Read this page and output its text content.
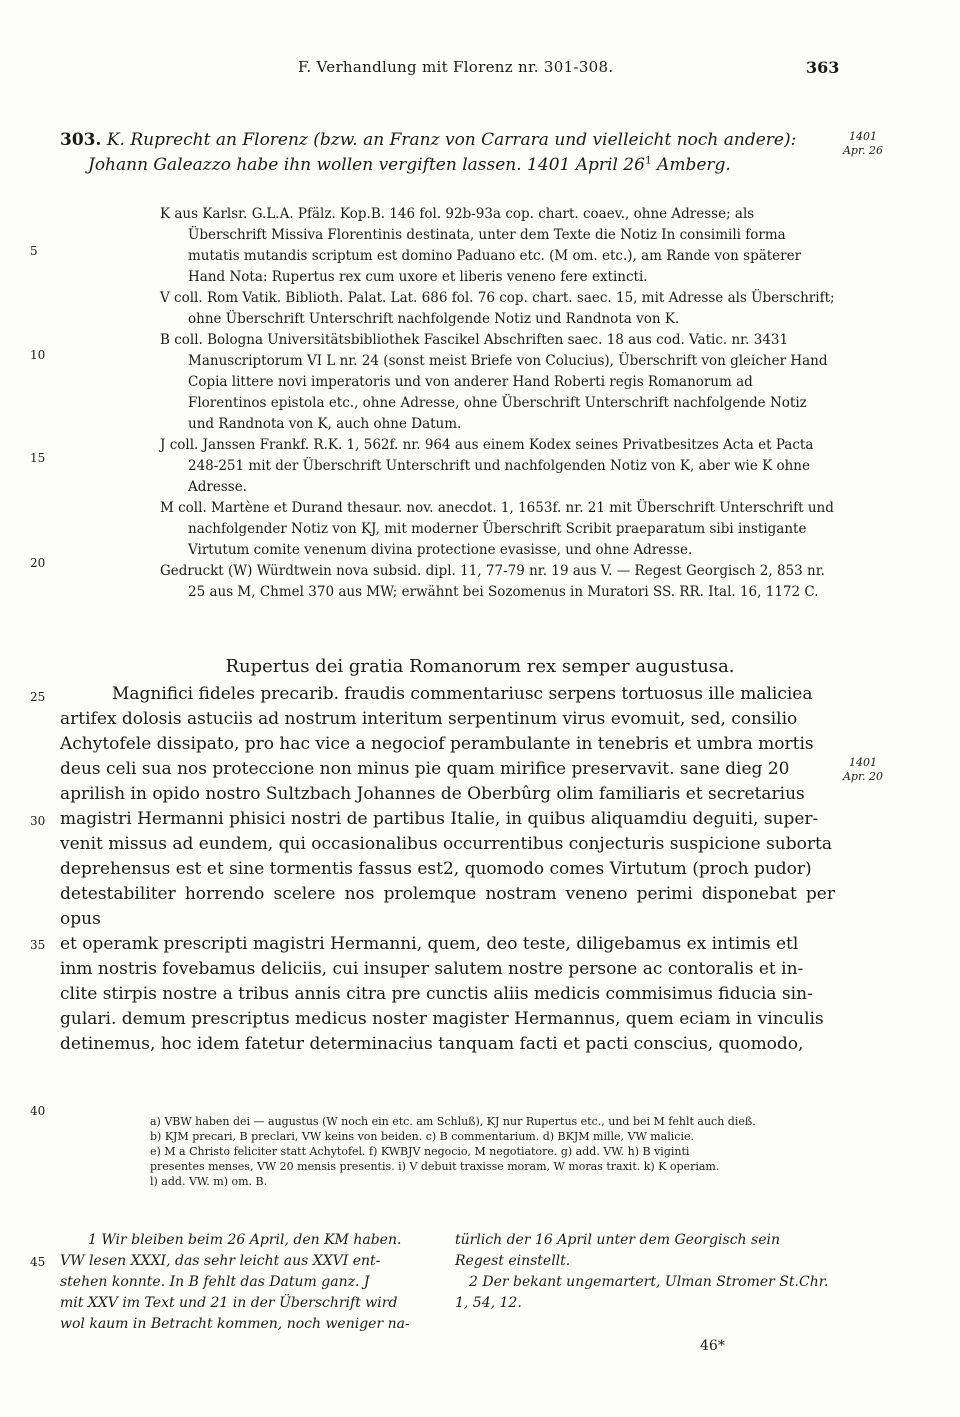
F. Verhandlung mit Florenz nr. 301-308.	363
1401
Apr. 26
303. K. Ruprecht an Florenz (bzw. an Franz von Carrara und vielleicht noch andere):
Johann Galeazzo habe ihn wollen vergiften lassen. 1401 April $26^1$ Amberg.

K aus Karlsr. G.L.A. Pfälz. Kop.B. 146 fol. 92b-93a cop. chart. coaev., ohne Adresse; als Überschrift Missiva Florentinis destinata, unter dem Texte die Notiz In consimili forma mutatis mutandis scriptum est domino Paduano etc. (M om. etc.), am Rande von späterer Hand Nota: Rupertus rex cum uxore et liberis veneno fere extincti.

V coll. Rom Vatik. Biblioth. Palat. Lat. 686 fol. 76 cop. chart. saec. 15, mit Adresse als Überschrift; ohne Überschrift Unterschrift nachfolgende Notiz und Randnota von K.

B coll. Bologna Universitätsbibliothek Fascikel Abschriften saec. 18 aus cod. Vatic. nr. 3431 Manuscriptorum VI L nr. 24 (sonst meist Briefe von Colucius), Überschrift von gleicher Hand Copia littere novi imperatoris und von anderer Hand Roberti regis Romanorum ad Florentinos epistola etc., ohne Adresse, ohne Überschrift Unterschrift nachfolgende Notiz und Randnota von K, auch ohne Datum.

J coll. Janssen Frankf. R.K. 1, 562f. nr. 964 aus einem Kodex seines Privatbesitzes Acta et Pacta 248-251 mit der Überschrift Unterschrift und nachfolgenden Notiz von K, aber wie K ohne Adresse.

M coll. Martène et Durand thesaur. nov. anecdot. 1, 1653f. nr. 21 mit Überschrift Unterschrift und nachfolgender Notiz von KJ, mit moderner Überschrift Scribit praeparatum sibi instigante Virtutum comite venenum divina protectione evasisse, und ohne Adresse.

Gedruckt (W) Würdtwein nova subsid. dipl. 11, 77-79 nr. 19 aus V. — Regest Georgisch 2, 853 nr. 25 aus M, Chmel 370 aus MW; erwähnt bei Sozomenus in Muratori SS. RR. Ital. 16, 1172 C.

5
10
15
20
25
30
35
40
45
Rupertus dei gratia Romanorum rex semper augustusa.
1401
Apr. 20

Magnifici fideles precarib. fraudis commentariusc serpens tortuosus ille maliciea

artifex dolosis astuciis ad nostrum interitum serpentinum virus evomuit, sed, consilio

Achytofele dissipato, pro hac vice a negociof perambulante in tenebris et umbra mortis

deus celi sua nos proteccione non minus pie quam mirifice preservavit. sane dieg 20

aprilish in opido nostro Sultzbach Johannes de Oberbûrg olim familiaris et secretarius

magistri Hermanni phisici nostri de partibus Italie, in quibus aliquamdiu deguiti, super-

venit missus ad eundem, qui occasionalibus occurrentibus conjecturis suspicione suborta

deprehensus est et sine tormentis fassus est2, quomodo comes Virtutum (proch pudor)

detestabiliter horrendo scelere nos prolemque nostram veneno perimi disponebat per opus

et operamk prescripti magistri Hermanni, quem, deo teste, diligebamus ex intimis etl

inm nostris fovebamus deliciis, cui insuper salutem nostre persone ac contoralis et in-

clite stirpis nostre a tribus annis citra pre cunctis aliis medicis commisimus fiducia sin-

gulari. demum prescriptus medicus noster magister Hermannus, quem eciam in vinculis

detinemus, hoc idem fatetur determinacius tanquam facti et pacti conscius, quomodo,

a) VBW haben dei — augustus (W noch ein etc. am Schluß), KJ nur Rupertus etc., und bei M fehlt auch dieß.
b) KJM precari, B preclari, VW keins von beiden. c) B commentarium. d) BKJM mille, VW malicie.
e) M a Christo feliciter statt Achytofel. f) KWBJV negocio, M negotiatore. g) add. VW. h) B viginti
presentes menses, VW 20 mensis presentis. i) V debuit traxisse moram, W moras traxit. k) K operiam.
l) add. VW. m) om. B.
1 Wir bleiben beim 26 April, den KM haben.
VW lesen XXXI, das sehr leicht aus XXVI ent-
stehen konnte. In B fehlt das Datum ganz. J
mit XXV im Text und 21 in der Überschrift wird
wol kaum in Betracht kommen, noch weniger na-
türlich der 16 April unter dem Georgisch sein
Regest einstellt.
2 Der bekant ungemartert, Ulman Stromer St.Chr.
1, 54, 12.
46*
